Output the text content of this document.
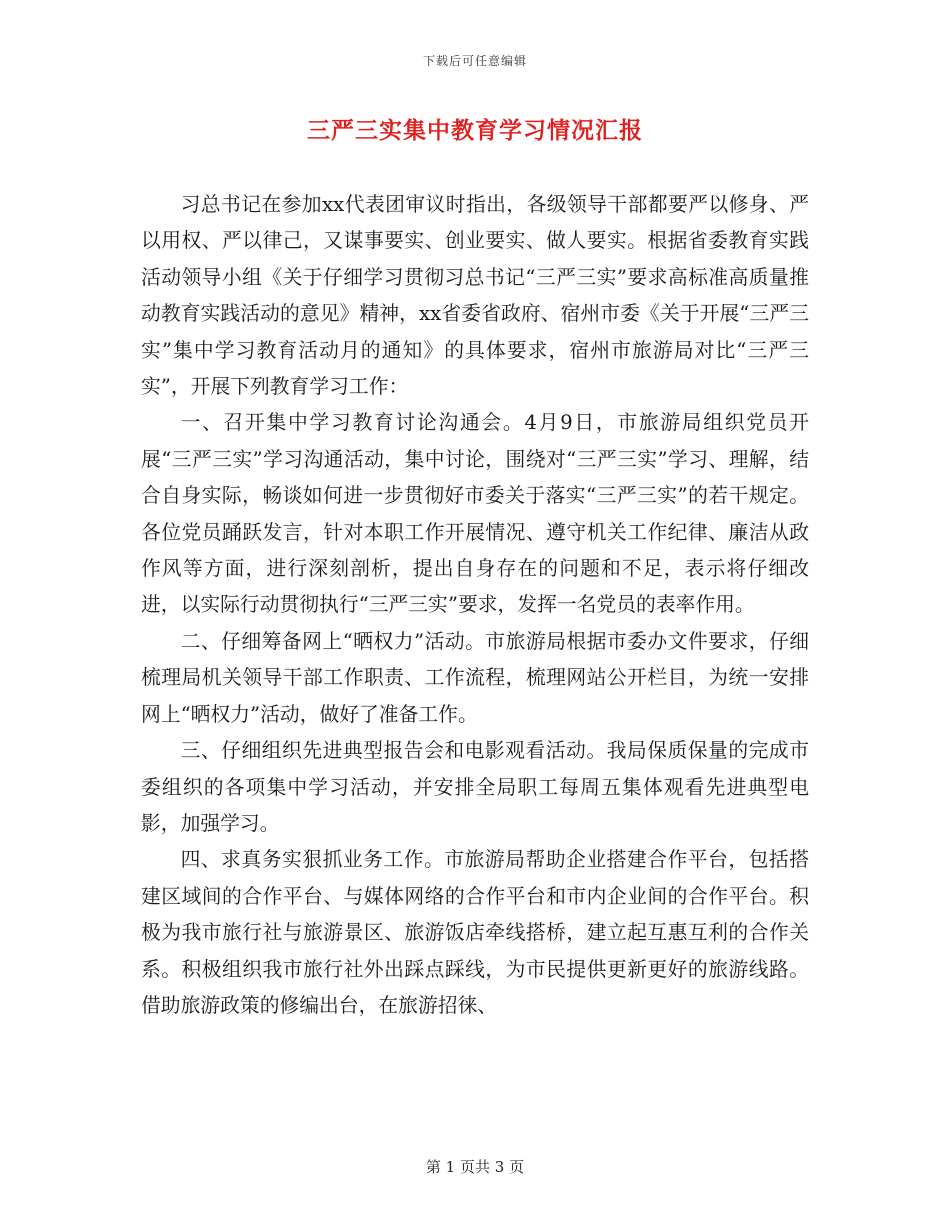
下载后可任意编辑
三严三实集中教育学习情况汇报

习总书记在参加xx代表团审议时指出，各级领导干部都要严以修身、严以用权、严以律己，又谋事要实、创业要实、做人要实。根据省委教育实践活动领导小组《关于仔细学习贯彻习总书记“三严三实”要求高标准高质量推动教育实践活动的意见》精神，xx省委省政府、宿州市委《关于开展“三严三实”集中学习教育活动月的通知》的具体要求，宿州市旅游局对比“三严三实”，开展下列教育学习工作：

一、召开集中学习教育讨论沟通会。4月9日，市旅游局组织党员开展“三严三实”学习沟通活动，集中讨论，围绕对“三严三实”学习、理解，结合自身实际，畅谈如何进一步贯彻好市委关于落实“三严三实”的若干规定。各位党员踊跃发言，针对本职工作开展情况、遵守机关工作纪律、廉洁从政作风等方面，进行深刻剖析，提出自身存在的问题和不足，表示将仔细改进，以实际行动贯彻执行“三严三实”要求，发挥一名党员的表率作用。

二、仔细筹备网上“晒权力”活动。市旅游局根据市委办文件要求，仔细梳理局机关领导干部工作职责、工作流程，梳理网站公开栏目，为统一安排网上“晒权力”活动，做好了准备工作。

三、仔细组织先进典型报告会和电影观看活动。我局保质保量的完成市委组织的各项集中学习活动，并安排全局职工每周五集体观看先进典型电影，加强学习。

四、求真务实狠抓业务工作。市旅游局帮助企业搭建合作平台，包括搭建区域间的合作平台、与媒体网络的合作平台和市内企业间的合作平台。积极为我市旅行社与旅游景区、旅游饭店牵线搭桥，建立起互惠互利的合作关系。积极组织我市旅行社外出踩点踩线，为市民提供更新更好的旅游线路。借助旅游政策的修编出台，在旅游招徕、

第 1 页共 3 页
